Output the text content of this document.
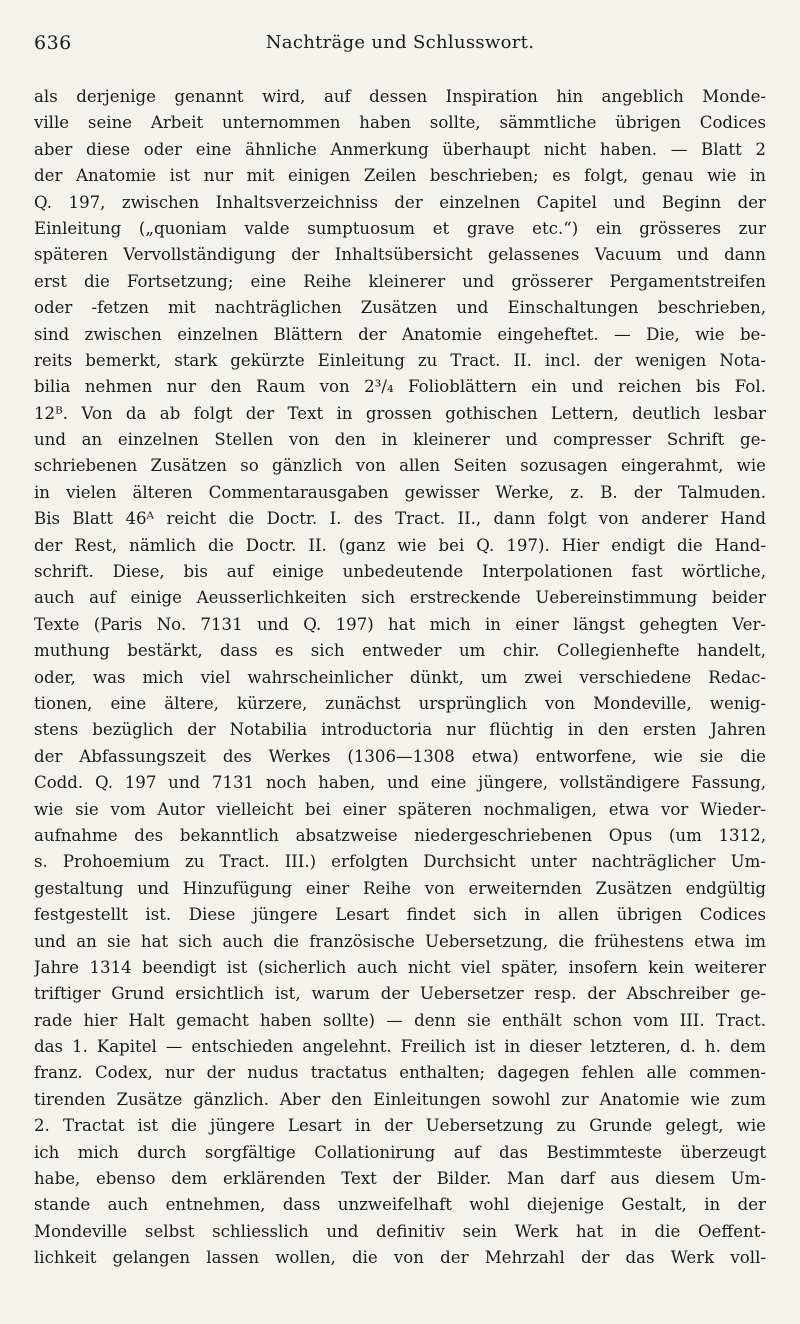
636	Nachträge und Schlusswort.
als derjenige genannt wird, auf dessen Inspiration hin angeblich Monde-
ville seine Arbeit unternommen haben sollte, sämmtliche übrigen Codices
aber diese oder eine ähnliche Anmerkung überhaupt nicht haben. — Blatt 2
der Anatomie ist nur mit einigen Zeilen beschrieben; es folgt, genau wie in
Q. 197, zwischen Inhaltsverzeichniss der einzelnen Capitel und Beginn der
Einleitung („quoniam valde sumptuosum et grave etc.“) ein grösseres zur
späteren Vervollständigung der Inhaltsübersicht gelassenes Vacuum und dann
erst die Fortsetzung; eine Reihe kleinerer und grösserer Pergamentstreifen
oder -fetzen mit nachträglichen Zusätzen und Einschaltungen beschrieben,
sind zwischen einzelnen Blättern der Anatomie eingeheftet. — Die, wie be-
reits bemerkt, stark gekürzte Einleitung zu Tract. II. incl. der wenigen Nota-
bilia nehmen nur den Raum von 2³/₄ Folioblättern ein und reichen bis Fol.
12ᴮ. Von da ab folgt der Text in grossen gothischen Lettern, deutlich lesbar
und an einzelnen Stellen von den in kleinerer und compresser Schrift ge-
schriebenen Zusätzen so gänzlich von allen Seiten sozusagen eingerahmt, wie
in vielen älteren Commentarausgaben gewisser Werke, z. B. der Talmuden.
Bis Blatt 46ᴬ reicht die Doctr. I. des Tract. II., dann folgt von anderer Hand
der Rest, nämlich die Doctr. II. (ganz wie bei Q. 197). Hier endigt die Hand-
schrift. Diese, bis auf einige unbedeutende Interpolationen fast wörtliche,
auch auf einige Aeusserlichkeiten sich erstreckende Uebereinstimmung beider
Texte (Paris No. 7131 und Q. 197) hat mich in einer längst gehegten Ver-
muthung bestärkt, dass es sich entweder um chir. Collegienhefte handelt,
oder, was mich viel wahrscheinlicher dünkt, um zwei verschiedene Redac-
tionen, eine ältere, kürzere, zunächst ursprünglich von Mondeville, wenig-
stens bezüglich der Notabilia introductoria nur flüchtig in den ersten Jahren
der Abfassungszeit des Werkes (1306—1308 etwa) entworfene, wie sie die
Codd. Q. 197 und 7131 noch haben, und eine jüngere, vollständigere Fassung,
wie sie vom Autor vielleicht bei einer späteren nochmaligen, etwa vor Wieder-
aufnahme des bekanntlich absatzweise niedergeschriebenen Opus (um 1312,
s. Prohoemium zu Tract. III.) erfolgten Durchsicht unter nachträglicher Um-
gestaltung und Hinzufügung einer Reihe von erweiternden Zusätzen endgültig
festgestellt ist. Diese jüngere Lesart findet sich in allen übrigen Codices
und an sie hat sich auch die französische Uebersetzung, die frühestens etwa im
Jahre 1314 beendigt ist (sicherlich auch nicht viel später, insofern kein weiterer
triftiger Grund ersichtlich ist, warum der Uebersetzer resp. der Abschreiber ge-
rade hier Halt gemacht haben sollte) — denn sie enthält schon vom III. Tract.
das 1. Kapitel — entschieden angelehnt. Freilich ist in dieser letzteren, d. h. dem
franz. Codex, nur der nudus tractatus enthalten; dagegen fehlen alle commen-
tirenden Zusätze gänzlich. Aber den Einleitungen sowohl zur Anatomie wie zum
2. Tractat ist die jüngere Lesart in der Uebersetzung zu Grunde gelegt, wie
ich mich durch sorgfältige Collationirung auf das Bestimmteste überzeugt
habe, ebenso dem erklärenden Text der Bilder. Man darf aus diesem Um-
stande auch entnehmen, dass unzweifelhaft wohl diejenige Gestalt, in der
Mondeville selbst schliesslich und definitiv sein Werk hat in die Oeffent-
lichkeit gelangen lassen wollen, die von der Mehrzahl der das Werk voll-
